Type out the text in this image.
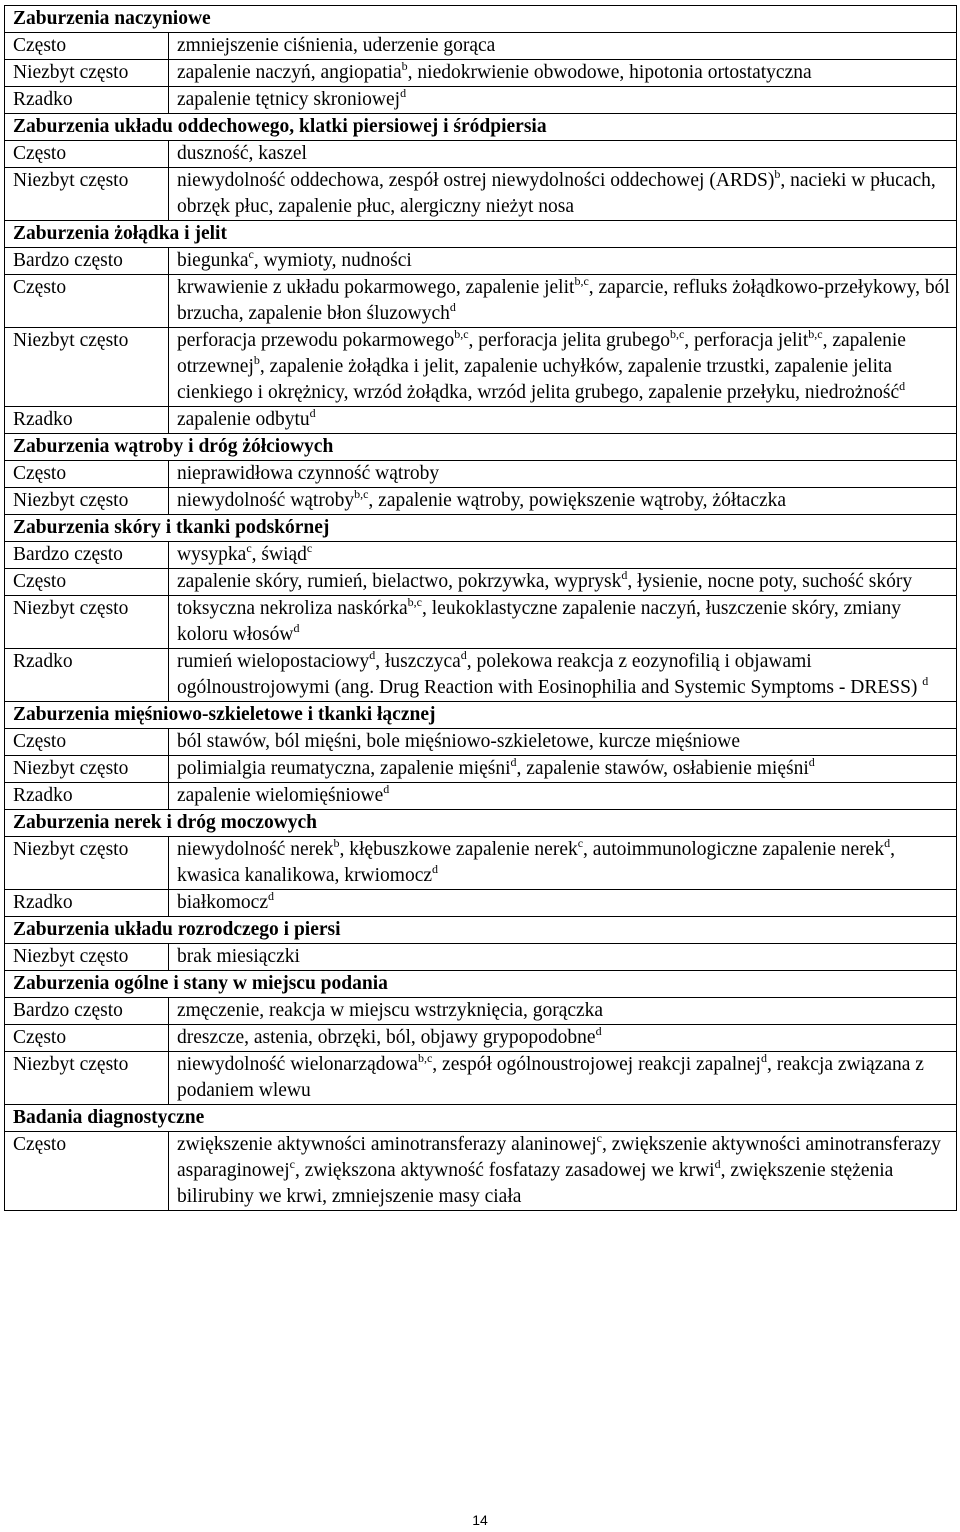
Zaburzenia naczyniowe	
Często	zmniejszenie ciśnienia, uderzenie gorąca
Niezbyt często	zapalenie naczyń, angiopatia$^b$, niedokrwienie obwodowe, hipotonia ortostatyczna
Rzadko	zapalenie tętnicy skroniowej$^d$
Zaburzenia układu oddechowego, klatki piersiowej i śródpiersia	
Często	duszność, kaszel
Niezbyt często	niewydolność oddechowa, zespół ostrej niewydolności oddechowej (ARDS)$^b$, nacieki w płucach, obrzęk płuc, zapalenie płuc, alergiczny nieżyt nosa
Zaburzenia żołądka i jelit	
Bardzo często	biegunka$^c$, wymioty, nudności
Często	krwawienie z układu pokarmowego, zapalenie jelit$^{b,c}$, zaparcie, refluks żołądkowo-przełykowy, ból brzucha, zapalenie błon śluzowych$^d$
Niezbyt często	perforacja przewodu pokarmowego$^{b,c}$, perforacja jelita grubego$^{b,c}$, perforacja jelit$^{b,c}$, zapalenie otrzewnej$^b$, zapalenie żołądka i jelit, zapalenie uchyłków, zapalenie trzustki, zapalenie jelita cienkiego i okrężnicy, wrzód żołądka, wrzód jelita grubego, zapalenie przełyku, niedrożność$^d$
Rzadko	zapalenie odbytu$^d$
Zaburzenia wątroby i dróg żółciowych	
Często	nieprawidłowa czynność wątroby
Niezbyt często	niewydolność wątroby$^{b,c}$, zapalenie wątroby, powiększenie wątroby, żółtaczka
Zaburzenia skóry i tkanki podskórnej	
Bardzo często	wysypka$^c$, świąd$^c$
Często	zapalenie skóry, rumień, bielactwo, pokrzywka, wyprysk$^d$, łysienie, nocne poty, suchość skóry
Niezbyt często	toksyczna nekroliza naskórka$^{b,c}$, leukoklastyczne zapalenie naczyń, łuszczenie skóry, zmiany koloru włosów$^d$
Rzadko	rumień wielopostaciowy$^d$, łuszczyca$^d$, polekowa reakcja z eozynofilią i objawami ogólnoustrojowymi (ang. Drug Reaction with Eosinophilia and Systemic Symptoms - DRESS) $^d$
Zaburzenia mięśniowo-szkieletowe i tkanki łącznej	
Często	ból stawów, ból mięśni, bole mięśniowo-szkieletowe, kurcze mięśniowe
Niezbyt często	polimialgia reumatyczna, zapalenie mięśni$^d$, zapalenie stawów, osłabienie mięśni$^d$
Rzadko	zapalenie wielomięśniowe$^d$
Zaburzenia nerek i dróg moczowych	
Niezbyt często	niewydolność nerek$^b$, kłębuszkowe zapalenie nerek$^c$, autoimmunologiczne zapalenie nerek$^d$, kwasica kanalikowa, krwiomocz$^d$
Rzadko	białkomocz$^d$
Zaburzenia układu rozrodczego i piersi	
Niezbyt często	brak miesiączki
Zaburzenia ogólne i stany w miejscu podania	
Bardzo często	zmęczenie, reakcja w miejscu wstrzyknięcia, gorączka
Często	dreszcze, astenia, obrzęki, ból, objawy grypopodobne$^d$
Niezbyt często	niewydolność wielonarządowa$^{b,c}$, zespół ogólnoustrojowej reakcji zapalnej$^d$, reakcja związana z podaniem wlewu
Badania diagnostyczne	
Często	zwiększenie aktywności aminotransferazy alaninowej$^c$, zwiększenie aktywności aminotransferazy asparaginowej$^c$, zwiększona aktywność fosfatazy zasadowej we krwi$^d$, zwiększenie stężenia bilirubiny we krwi, zmniejszenie masy ciała
14
